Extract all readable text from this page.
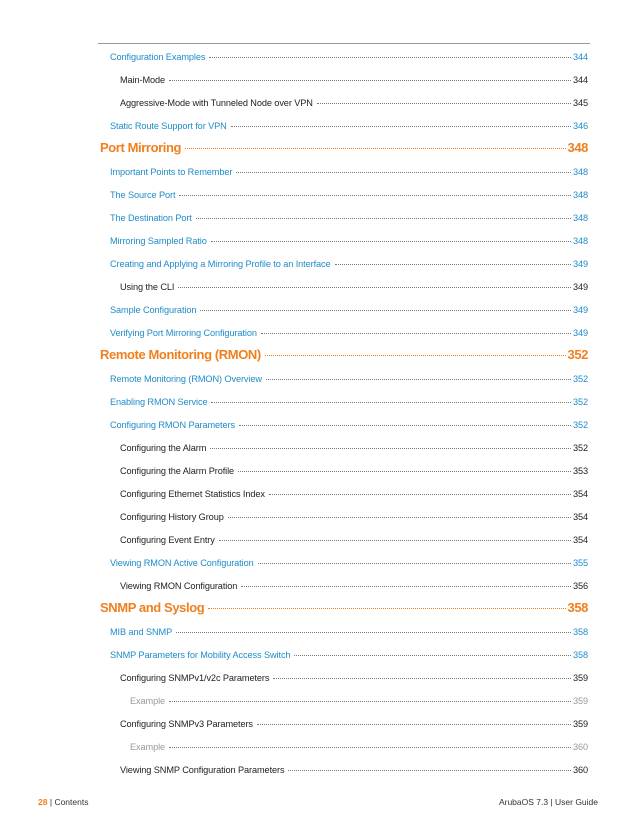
Configuration Examples	344
Main-Mode	344
Aggressive-Mode with Tunneled Node over VPN	345
Static Route Support for VPN	346
Port Mirroring	348
Important Points to Remember	348
The Source Port	348
The Destination Port	348
Mirroring Sampled Ratio	348
Creating and Applying a Mirroring Profile to an Interface	349
Using the CLI	349
Sample Configuration	349
Verifying Port Mirroring Configuration	349
Remote Monitoring (RMON)	352
Remote Monitoring (RMON) Overview	352
Enabling RMON Service	352
Configuring RMON Parameters	352
Configuring the Alarm	352
Configuring the Alarm Profile	353
Configuring Ethernet Statistics Index	354
Configuring History Group	354
Configuring Event Entry	354
Viewing RMON Active Configuration	355
Viewing RMON Configuration	356
SNMP and Syslog	358
MIB and SNMP	358
SNMP Parameters for Mobility Access Switch	358
Configuring SNMPv1/v2c Parameters	359
Example	359
Configuring SNMPv3 Parameters	359
Example	360
Viewing SNMP Configuration Parameters	360
28 | Contents	ArubaOS 7.3 | User Guide
